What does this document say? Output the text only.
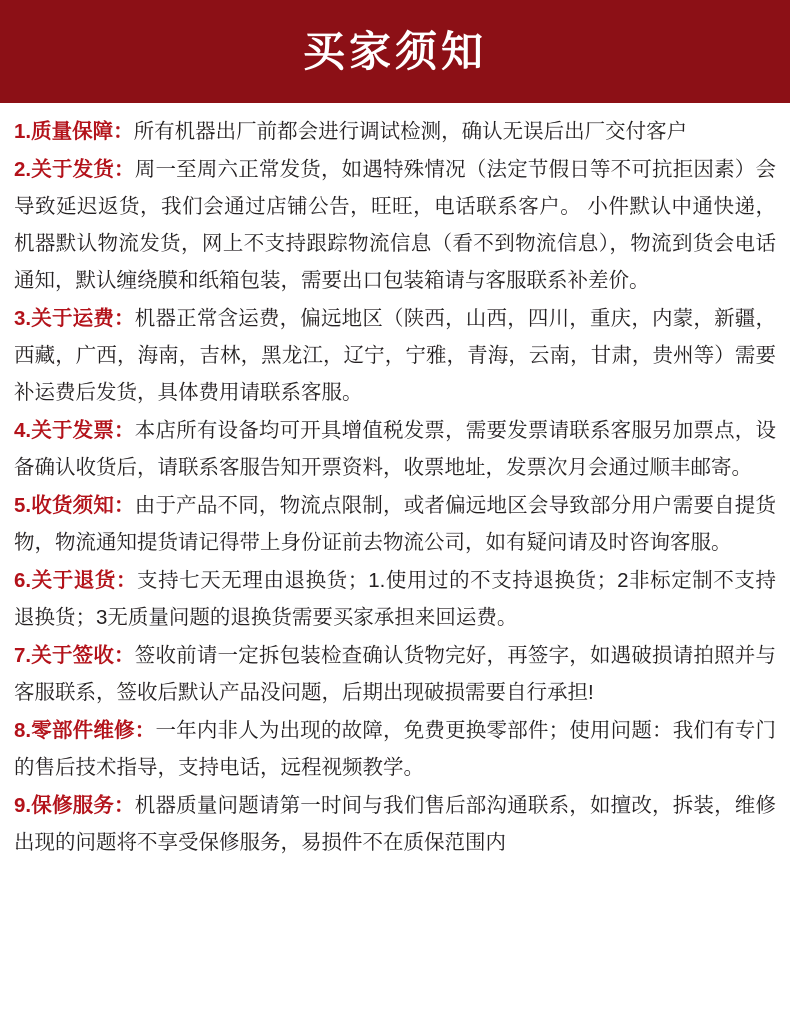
买家须知

1.质量保障：所有机器出厂前都会进行调试检测，确认无误后出厂交付客户

2.关于发货：周一至周六正常发货，如遇特殊情况（法定节假日等不可抗拒因素）会导致延迟返货，我们会通过店铺公告，旺旺，电话联系客户。 小件默认中通快递，机器默认物流发货，网上不支持跟踪物流信息（看不到物流信息），物流到货会电话通知，默认缠绕膜和纸箱包装，需要出口包装箱请与客服联系补差价。

3.关于运费：机器正常含运费，偏远地区（陕西，山西，四川，重庆，内蒙，新疆，西藏，广西，海南，吉林，黑龙江，辽宁，宁雅，青海，云南，甘肃，贵州等）需要补运费后发货，具体费用请联系客服。

4.关于发票：本店所有设备均可开具增值税发票，需要发票请联系客服另加票点，设备确认收货后，请联系客服告知开票资料，收票地址，发票次月会通过顺丰邮寄。

5.收货须知：由于产品不同，物流点限制，或者偏远地区会导致部分用户需要自提货物，物流通知提货请记得带上身份证前去物流公司，如有疑问请及时咨询客服。

6.关于退货：支持七天无理由退换货；1.使用过的不支持退换货；2非标定制不支持退换货；3无质量问题的退换货需要买家承担来回运费。

7.关于签收：签收前请一定拆包装检查确认货物完好，再签字，如遇破损请拍照并与客服联系，签收后默认产品没问题，后期出现破损需要自行承担!

8.零部件维修：一年内非人为出现的故障，免费更换零部件；使用问题：我们有专门的售后技术指导，支持电话，远程视频教学。

9.保修服务：机器质量问题请第一时间与我们售后部沟通联系，如擅改，拆装，维修出现的问题将不享受保修服务，易损件不在质保范围内
